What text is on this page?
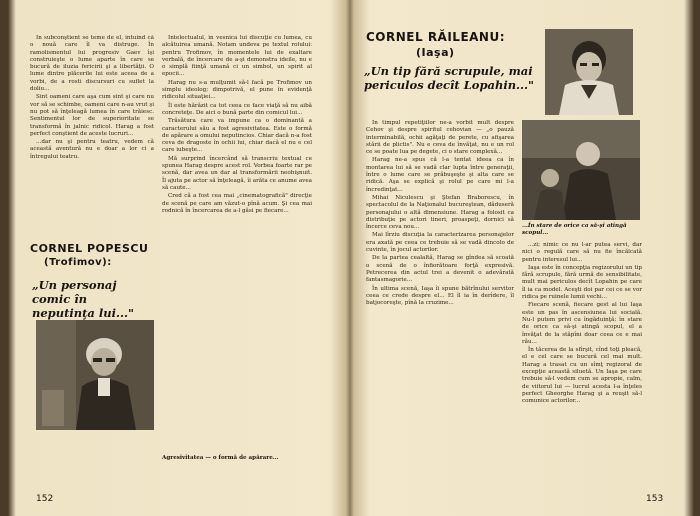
In subconştient se teme de el, intuind că o nouă care îl va distruge. În ramolismentul lui progresiv Gaev îşi construieşte o lume aparte în care se bucură de iluzia fericirii şi a libertăţii. O lume dintre plăcerile lui este aceea de a vorbi, de a rosti discursuri cu suflet la doliu...

Sint oameni care aşa cum sint şi care nu vor să se schimbe, oameni care n-au vrut şi nu pot să înţeleagă lumea în care trăiesc. Sentimentul lor de superioritate se transformă în jalnic ridicol. Harag a fost perfect conştient de aceste lucruri...

...dar nu şi pentru teatru, vedem că această aventură nu e doar a lor ci a întregului teatru.

CORNEL POPESCU
(Trofimov):
„Un personaj comic în neputinţa lui..."

Intelectualul, în vesnica lui discuţie cu lumea, cu alcătuirea umană. Notam undeva pe textul rolului: pentru Trofimov, în momentele lui de exaltare verbală, de încercare de a-şi demonstra ideile, nu e o simplă fiinţă umană ci un simbol, un spirit al epocii...

Harag nu s-a mulţumit să-l facă pe Trofimov un simplu ideolog; dimpotrivă, el pune în evidenţă ridicolul situaţiei...

Îl este hărăzit ca tot ceea ce face viaţă să nu aibă concreteţe. De aici o bună parte din comicul lui...

Trăsătura care va impune ca o dominantă a caracterului său a fost agresivitatea. Este o formă de apărare a omului neputincios. Chiar dacă n-a fost ceva de dragoste în ochii lui, chiar dacă el nu e cel care iubeşte...

Mă surprind încercând să transcriu textual ce spunea Harag despre acest rol. Vorbea foarte rar pe scenă, dar avea un dar al transformării neobişnuit. Îl ajuta pe actor să înţeleagă, îi arăta ce anume avea să caute...

Cred că a fost cea mai „cinematografică" direcţie de scenă pe care am văzut-o pînă acum. Şi cea mai rodnică în încercarea de a-l găsi pe fiecare...

Agresivitatea — o formă de apărare...
152
CORNEL RĂILEANU:
(Iaşa)
„Un tip fără scrupule, mai periculos decît Lopahin..."

În timpul repetiţiilor ne-a vorbit mult despre Cehov şi despre spiritul cehovian — „o pauză interminabilă, ochii agăţaţi de perete, cu afişarea stării de plictis". Nu e ceva de învăţat, nu e un rol ce se poate lua pe degete, ci o stare complexă...

Harag ne-a spus că l-a tentat ideea ca în montarea lui să se vadă clar lupta între generaţii, între o lume care se prăbuşeşte şi alta care se ridică. Aşa se explică şi rolul pe care mi l-a încredinţat...

Mihai Niculescu şi Ştefan Braborescu, în spectacolul de la Naţionalul bucureştean, dăduseră personajului o altă dimensiune. Harag a folosit ca distribuţie pe actori tineri, proaspeţi, dornici să încerce ceva nou...

Mai lîrziu discuţia la caracterizarea personajelor era axată pe ceea ce trebuie să se vadă dincolo de cuvinte, în jocul actorilor.

De la partea cealaltă, Harag se gîndea să scoată o scenă de o înfiorătoare forţă expresivă. Petrecerea din actul trei a devenit o adevărată fantasmagorie...

În ultima scenă, Iaşa îi spune bătrînului servitor ceea ce crede despre el... El îl ia în derîdere, îl batjocoreşte, pînă la cruzime...

...În stare de orice ca să-şi atingă scopul...

...zi; nimic ce nu l-ar putea servi, dar nici o regulă care să nu fie încălcată pentru interesul lui...

Iaşa este în concepţia regizorului un tip fără scrupule, fără urmă de sensibilitate, mult mai periculos decît Lopahin pe care îl ia ca model. Aceşti doi par cei ce se vor ridica pe ruinele lumii vechi...

Fiecare scenă, fiecare gest al lui Iaşa este un pas în ascensiunea lui socială. Nu-l putem privi cu îngăduinţă; în stare de orice ca să-şi atingă scopul, el a învăţat de la stăpîni doar ceea ce e mai rău...

În tăcerea de la sfîrşit, cînd toţi pleacă, el e cel care se bucură cel mai mult. Harag a trasat cu un sîmţ regizoral de excepţie această siluetă. Un Iaşa pe care trebuie să-l vedem cum se apropie, calm, de viitorul lui — lucrul acesta l-a înţeles perfect Gheorghe Harag şi a reuşit să-l comunice actorilor...

153
